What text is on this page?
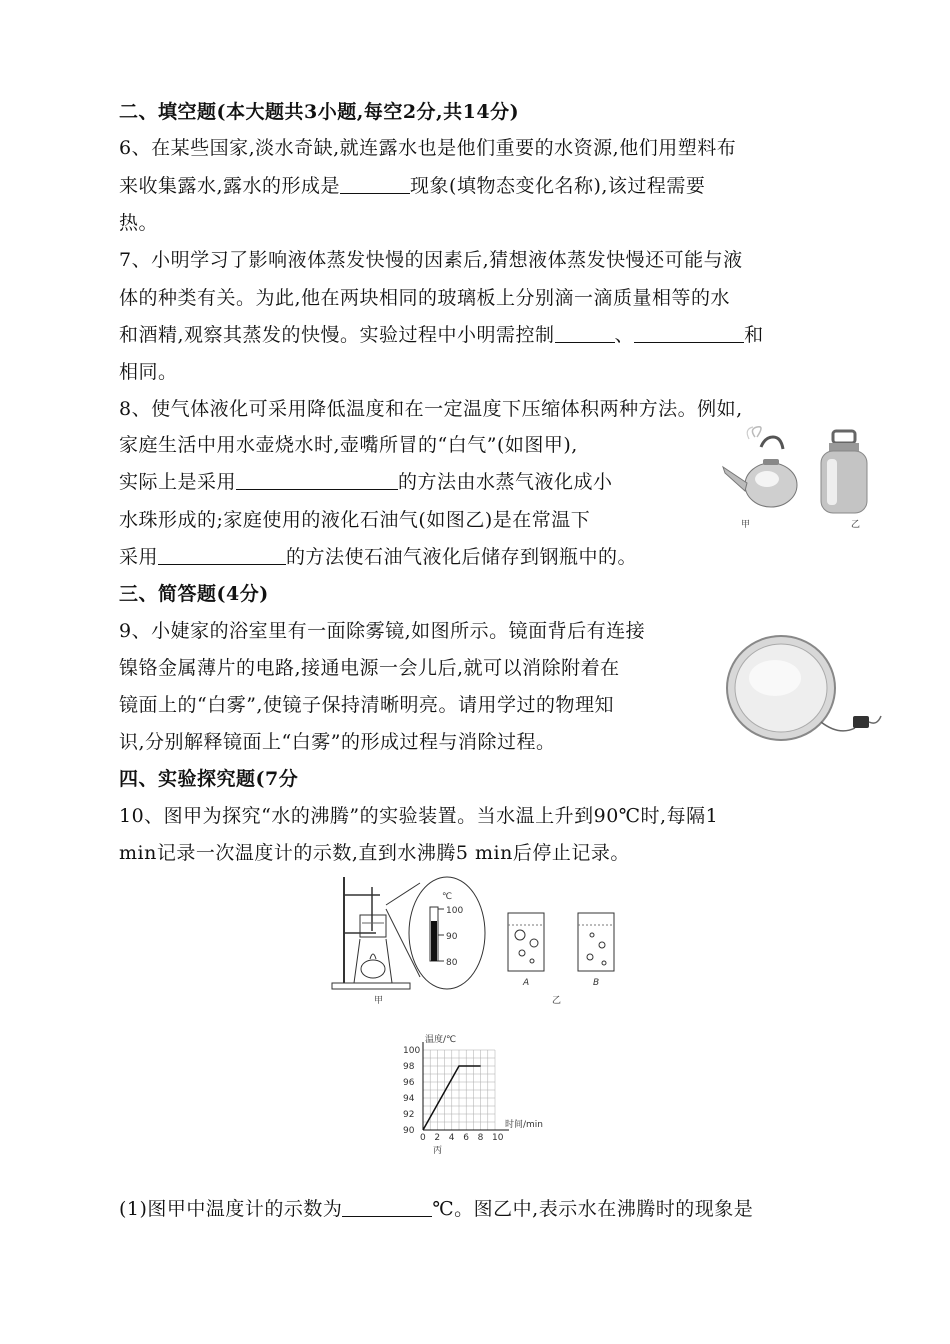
二、填空题(本大题共3小题,每空2分,共14分)
6、在某些国家,淡水奇缺,就连露水也是他们重要的水资源,他们用塑料布
来收集露水,露水的形成是	现象(填物态变化名称),该过程需要
热。
7、小明学习了影响液体蒸发快慢的因素后,猜想液体蒸发快慢还可能与液
体的种类有关。为此,他在两块相同的玻璃板上分别滴一滴质量相等的水
和酒精,观察其蒸发的快慢。实验过程中小明需控制	、	和
相同。
8、使气体液化可采用降低温度和在一定温度下压缩体积两种方法。例如,
家庭生活中用水壶烧水时,壶嘴所冒的“白气”(如图甲),
实际上是采用	的方法由水蒸气液化成小
水珠形成的;家庭使用的液化石油气(如图乙)是在常温下
采用	的方法使石油气液化后储存到钢瓶中的。
甲	乙
三、简答题(4分)
9、小婕家的浴室里有一面除雾镜,如图所示。镜面背后有连接
镍铬金属薄片的电路,接通电源一会儿后,就可以消除附着在
镜面上的“白雾”,使镜子保持清晰明亮。请用学过的物理知
识,分别解释镜面上“白雾”的形成过程与消除过程。
四、实验探究题(7分
10、图甲为探究“水的沸腾”的实验装置。当水温上升到90℃时,每隔1
min记录一次温度计的示数,直到水沸腾5 min后停止记录。
℃
100
90
80
A	B
甲	乙
0 2 4 6 8 10
90
92
94
96
98
100
温度/℃
时间/min
丙
(1)图甲中温度计的示数为	℃。图乙中,表示水在沸腾时的现象是
